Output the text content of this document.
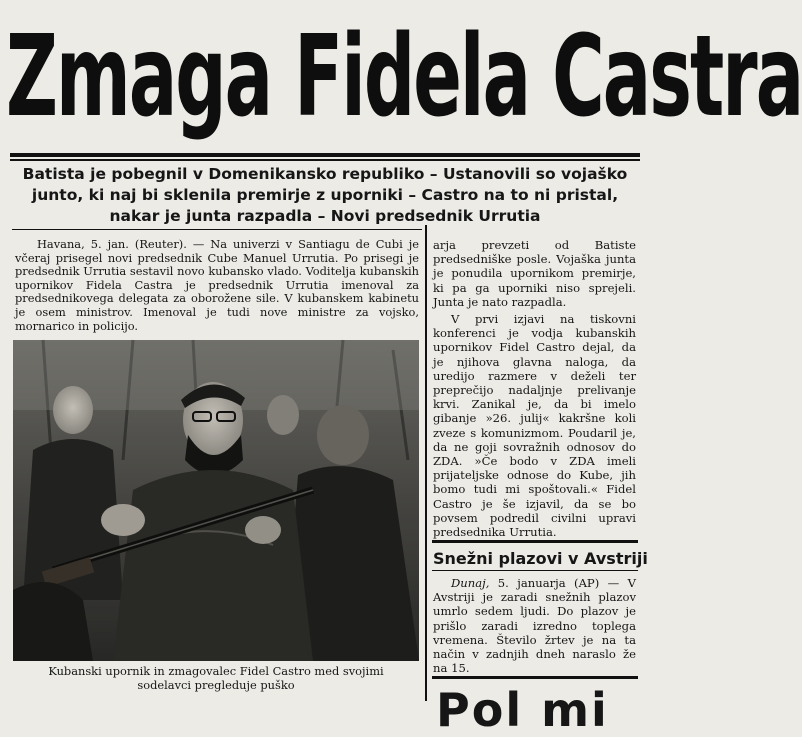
Zmaga Fidela Castra
Batista je pobegnil v Domenikansko republiko – Ustanovili so vojaško
junto, ki naj bi sklenila premirje z uporniki – Castro na to ni pristal,
nakar je junta razpadla – Novi predsednik Urrutia

Havana, 5. jan. (Reuter). — Na univerzi v Santiagu de Cubi je včeraj prisegel novi predsednik Cube Manuel Urrutia. Po prisegi je predsednik Urrutia sestavil novo kubansko vlado. Voditelja kubanskih upornikov Fidela Castra je predsednik Urrutia imenoval za predsednikovega delegata za oborožene sile. V kubanskem kabinetu je osem ministrov. Imenoval je tudi nove ministre za vojsko, mornarico in policijo.

Kubanski upornik in zmagovalec Fidel Castro med svojimi
sodelavci pregleduje puško

arja prevzeti od Batiste predsedniške posle. Vojaška junta je ponudila upornikom premirje, ki pa ga uporniki niso sprejeli. Junta je nato razpadla.

V prvi izjavi na tiskovni konferenci je vodja kubanskih upornikov Fidel Castro dejal, da je njihova glavna naloga, da uredijo razmere v deželi ter preprečijo nadaljnje prelivanje krvi. Zanikal je, da bi imelo gibanje »26. julij« kakršne koli zveze s komunizmom. Poudaril je, da ne goji sovražnih odnosov do ZDA. »Če bodo v ZDA imeli prijateljske odnose do Kube, jih bomo tudi mi spoštovali.« Fidel Castro je še izjavil, da se bo povsem podredil civilni upravi predsednika Urrutia.

Snežni plazovi v Avstriji

Dunaj, 5. januarja (AP) — V Avstriji je zaradi snežnih plazov umrlo sedem ljudi. Do plazov je prišlo zaradi izredno toplega vremena. Število žrtev je na ta način v zadnjih dneh naraslo že na 15.

Pol mi
